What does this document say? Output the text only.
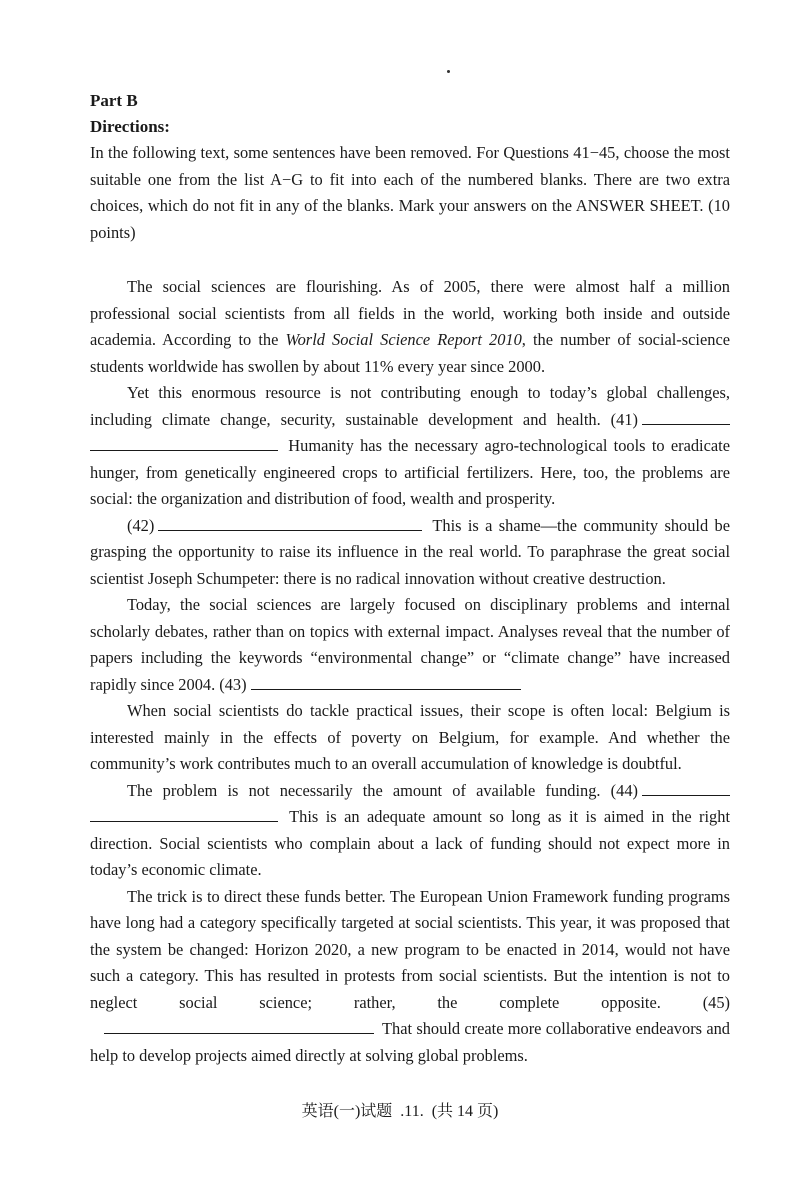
Part B
Directions:
In the following text, some sentences have been removed. For Questions 41−45, choose the most suitable one from the list A−G to fit into each of the numbered blanks. There are two extra choices, which do not fit in any of the blanks. Mark your answers on the ANSWER SHEET. (10 points)

The social sciences are flourishing. As of 2005, there were almost half a million professional social scientists from all fields in the world, working both inside and outside academia. According to the World Social Science Report 2010, the number of social-science students worldwide has swollen by about 11% every year since 2000.

Yet this enormous resource is not contributing enough to today’s global challenges, including climate change, security, sustainable development and health. (41)  Humanity has the necessary agro-technological tools to eradicate hunger, from genetically engineered crops to artificial fertilizers. Here, too, the problems are social: the organization and distribution of food, wealth and prosperity.

(42)	This is a shame—the community should be grasping the opportunity to raise its influence in the real world. To paraphrase the great social scientist Joseph Schumpeter: there is no radical innovation without creative destruction.

Today, the social sciences are largely focused on disciplinary problems and internal scholarly debates, rather than on topics with external impact. Analyses reveal that the number of papers including the keywords “environmental change” or “climate change” have increased rapidly since 2004. (43)

When social scientists do tackle practical issues, their scope is often local: Belgium is interested mainly in the effects of poverty on Belgium, for example. And whether the community’s work contributes much to an overall accumulation of knowledge is doubtful.

The problem is not necessarily the amount of available funding. (44)  This is an adequate amount so long as it is aimed in the right direction. Social scientists who complain about a lack of funding should not expect more in today’s economic climate.

The trick is to direct these funds better. The European Union Framework funding programs have long had a category specifically targeted at social scientists. This year, it was proposed that the system be changed: Horizon 2020, a new program to be enacted in 2014, would not have such a category. This has resulted in protests from social scientists. But the intention is not to neglect social science; rather, the complete opposite.	(45) That should create more collaborative endeavors and help to develop projects aimed directly at solving global problems.

英语(一)试题 .11. (共 14 页)
